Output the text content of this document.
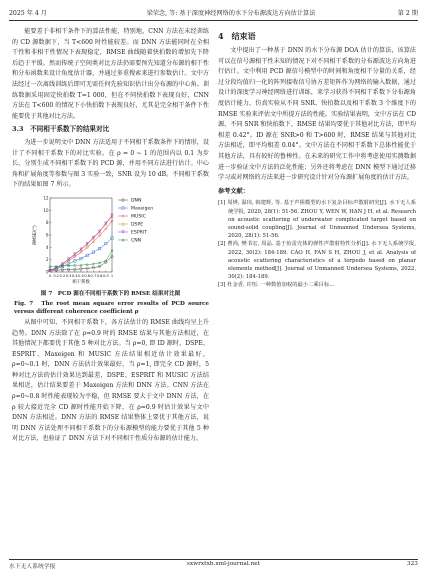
2025 年 4 月	梁荣念, 等: 基于深度神经网络的水下分布源波达方向估计算法	第 2 期

能要差于非相干条件下的算法性能，特别地，CNN 方法在未经训练的 CD 源数据下，当 T<600 时性能较差。而 DNN 方法能同时在全相干性和非相干性情况下表现稳定，RMSE 曲线随着快拍数的增加先下降后趋于平缓。然而传统子空间类对比方法仍需要预先知道分布源的相干性和分布函数来设计角度估计器，并通过多重搜索来进行参数估计。文中方法经过一次离线训练后即可无需任何先验知识估计出分布源的中心角。训练数据采用固定快拍数 T=1 000，但在不同快拍数下表现良好，CNN 方法在 T<600 的情况下小快拍数下表现良好，尤其是完全相干条件下性能要优于其他对比方法。

3.3　不同相干系数下的结果对比

为进一步说明文中 DNN 方法适用于不同相干系数条件下的情形，设计了不同相干系数下的对比实验。在 ρ = 0 ~ 1 的范围内以 0.1 为步长，分别生成不同相干系数下的 PCD 源，并用不同方法进行估计。中心角和扩展角度等参数与图 3 实验一致，SNR 设为 10 dB。不同相干系数下的结果如图 7 所示。

0
2
4
6
8
10
12
0 0.1 0.2 0.3 0.4 0.5 0.6 0.7 0.8 0.9 1
相干系数
RMSE/(°)
DNN
Maxeigen
MUSIC
DSPE
ESPRIT
CNN

图 7　PCD 源在不同相干系数下的 RMSE 结果对比图

Fig. 7　The root mean square error results of PCD source versus different coherence coefficient ρ

从图中可知，不同相干系数下，各方法估计的 RMSE 曲线均呈上升趋势。DNN 方法除了在 ρ=0.9 时的 RMSE 结果与其他方法相近，在其他情况下都要优于其他 5 种对比方法。当 ρ=0, 即 ID 源时，DSPE、ESPRIT、Maxeigen 和 MUSIC 方法结果相近估计效果最好，ρ=0~0.1 时，DNN 方法估计效果最好，当 ρ=1, 即完全 CD 源时，5 种对比方法的估计效果达到最差，DSPE、ESPRIT 和 MUSIC 方法结果相近，估计结果要差于 Maxeigen 方法和 DNN 方法。CNN 方法在 ρ=0~0.8 时性能表现较为平稳，但 RMSE 要大于文中 DNN 方法，在 ρ 较大接近完全 CD 源时性能开始下降，在 ρ=0.9 时估计效果与文中 DNN 方法相近。DNN 方法的 RMSE 结果整体上要优于其他方法，说明 DNN 方法处理不同相干系数下的分布源模型的能力要优于其他 5 种对比方法，也验证了 DNN 方法下对不同相干性质分布源的估计能力。

4　结束语

文中提出了一种基于 DNN 的水下分布源 DOA 估计的算法，该算法可以在信号源相干性未知的情况下对不同相干系数的分布源波达方向角进行估计。文中利用 PCD 源信号模型中的时间和角度相干分量的关系，经过分段均值归一化的阵列接收信号协方差矩阵作为网络的输入数据，通过设计的深度学习神经网络进行训练，来学习获得不同相干系数下分布源角度估计能力，仿真实验从不同 SNR、快拍数以及相干系数 3 个维度下的 RMSE 实验来评估文中所提方法的性能。实验结果表明，文中方法在 CD 源、不同 SNR 和快拍数下，RMSE 结果均要优于其他对比方法，即平均相差 0.42°。ID 源在 SNR>0 和 T>600 时，RMSE 结果与其他对比方法相近，即平均相差 0.04°。文中方法在不同相干系数下总体性能优于其他方法，具有较好的鲁棒性。在未来的研究工作中将考虑使用实测数据进一步验证文中方法的泛化性能；另外还将考虑在 DNN 模型下通过迁移学习或对网络的方法来进一步研究设计针对分布源扩展角度的估计方法。

参考文献：

[1] 周烨, 温玮, 韩建辉, 等. 基于声阻模型的水下复杂目标声散射研究[J]. 水下无人系统学报, 2020, 28(1): 51-56. ZHOU Y, WEN W, HAN J H, et al. Research on acoustic scattering of underwater complicated target based on sound-solid coupling[J]. Journal of Unmanned Undersea Systems, 2020, 28(1): 51-56.

[2] 曹尚, 樊书宏, 周晶. 基于鱼雷壳体的弹性声散射特性分析[J]. 水下无人系统学报, 2022, 30(2): 184-189. CAO H, FAN S H, ZHOU J, et al. Analysis of acoustic scattering characteristics of a torpedo based on planar elements method[J]. Journal of Unmanned Undersea Systems, 2022, 30(2): 184-189.

[3] 杜金香, 许恒. 一种数值加权的最小二乘目标…

水下无人系统学报	sxwrxtxb.xml-journal.net	323
